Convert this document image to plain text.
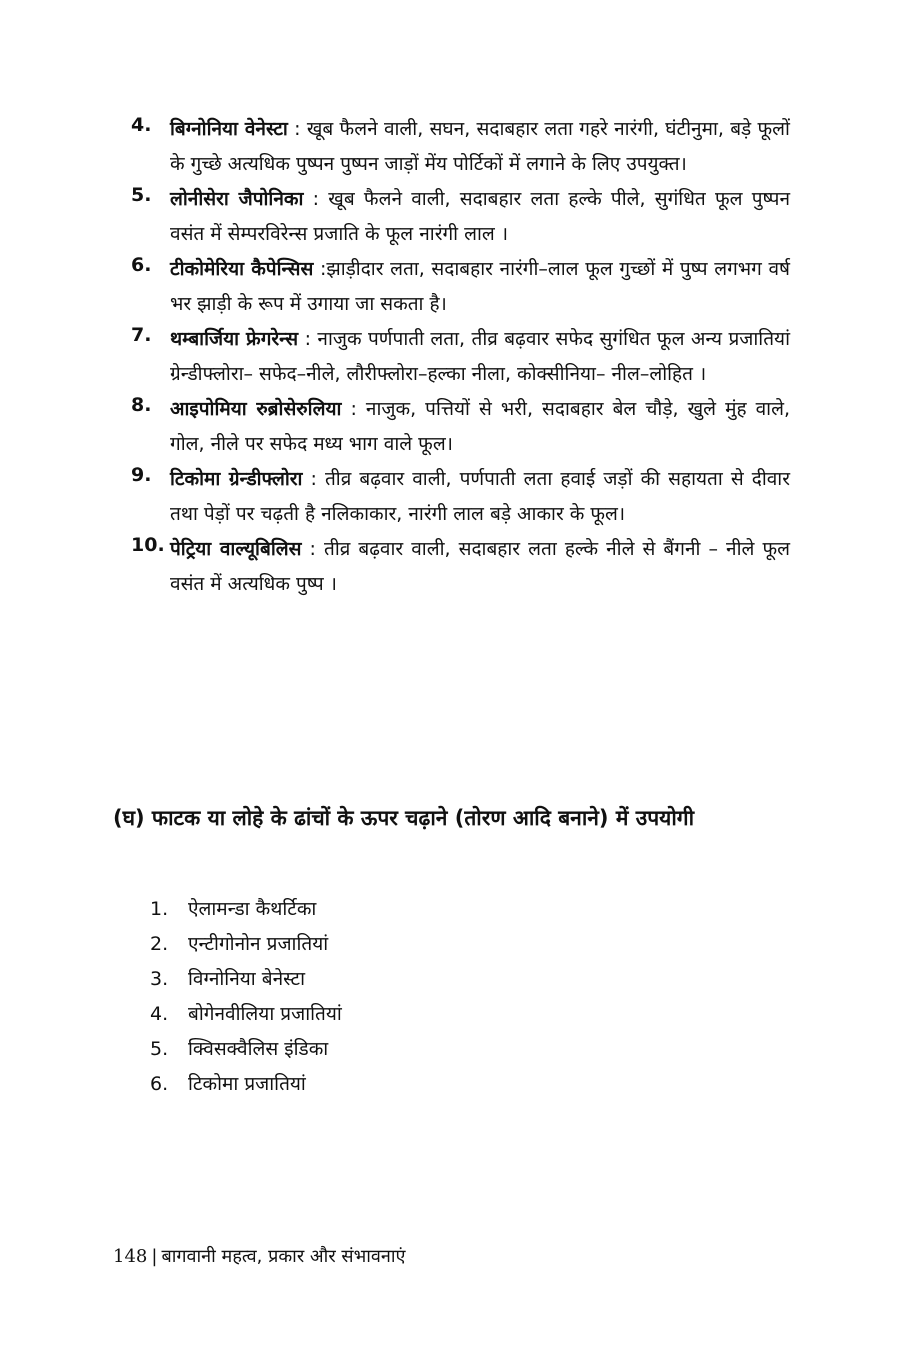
4. बिग्नोनिया वेनेस्टा : खूब फैलने वाली, सघन, सदाबहार लता गहरे नारंगी, घंटीनुमा, बड़े फूलों के गुच्छे अत्यधिक पुष्पन पुष्पन जाड़ों मेंय पोर्टिकों में लगाने के लिए उपयुक्त।
5. लोनीसेरा जैपोनिका : खूब फैलने वाली, सदाबहार लता हल्के पीले, सुगंधित फूल पुष्पन वसंत में सेम्परविरेन्स प्रजाति के फूल नारंगी लाल ।
6. टीकोमेरिया कैपेन्सिस :झाड़ीदार लता, सदाबहार नारंगी–लाल फूल गुच्छों में पुष्प लगभग वर्ष भर झाड़ी के रूप में उगाया जा सकता है।
7. थम्बार्जिया फ्रेगरेन्स : नाजुक पर्णपाती लता, तीव्र बढ़वार सफेद सुगंधित फूल अन्य प्रजातियां ग्रेन्डीफ्लोरा– सफेद–नीले, लौरीफ्लोरा–हल्का नीला, कोक्सीनिया– नील–लोहित ।
8. आइपोमिया रुब्रोसेरुलिया : नाजुक, पत्तियों से भरी, सदाबहार बेल चौड़े, खुले मुंह वाले, गोल, नीले पर सफेद मध्य भाग वाले फूल।
9. टिकोमा ग्रेन्डीफ्लोरा : तीव्र बढ़वार वाली, पर्णपाती लता हवाई जड़ों की सहायता से दीवार तथा पेड़ों पर चढ़ती है नलिकाकार, नारंगी लाल बड़े आकार के फूल।
10. पेट्रिया वाल्यूबिलिस : तीव्र बढ़वार वाली, सदाबहार लता हल्के नीले से बैंगनी – नीले फूल वसंत में अत्यधिक पुष्प ।
(घ) फाटक या लोहे के ढांचों के ऊपर चढ़ाने (तोरण आदि बनाने) में उपयोगी
1. ऐलामन्डा कैथर्टिका
2. एन्टीगोनोन प्रजातियां
3. विग्नोनिया बेनेस्टा
4. बोगेनवीलिया प्रजातियां
5. क्विसक्वैलिस इंडिका
6. टिकोमा प्रजातियां
148 | बागवानी महत्व, प्रकार और संभावनाएं
